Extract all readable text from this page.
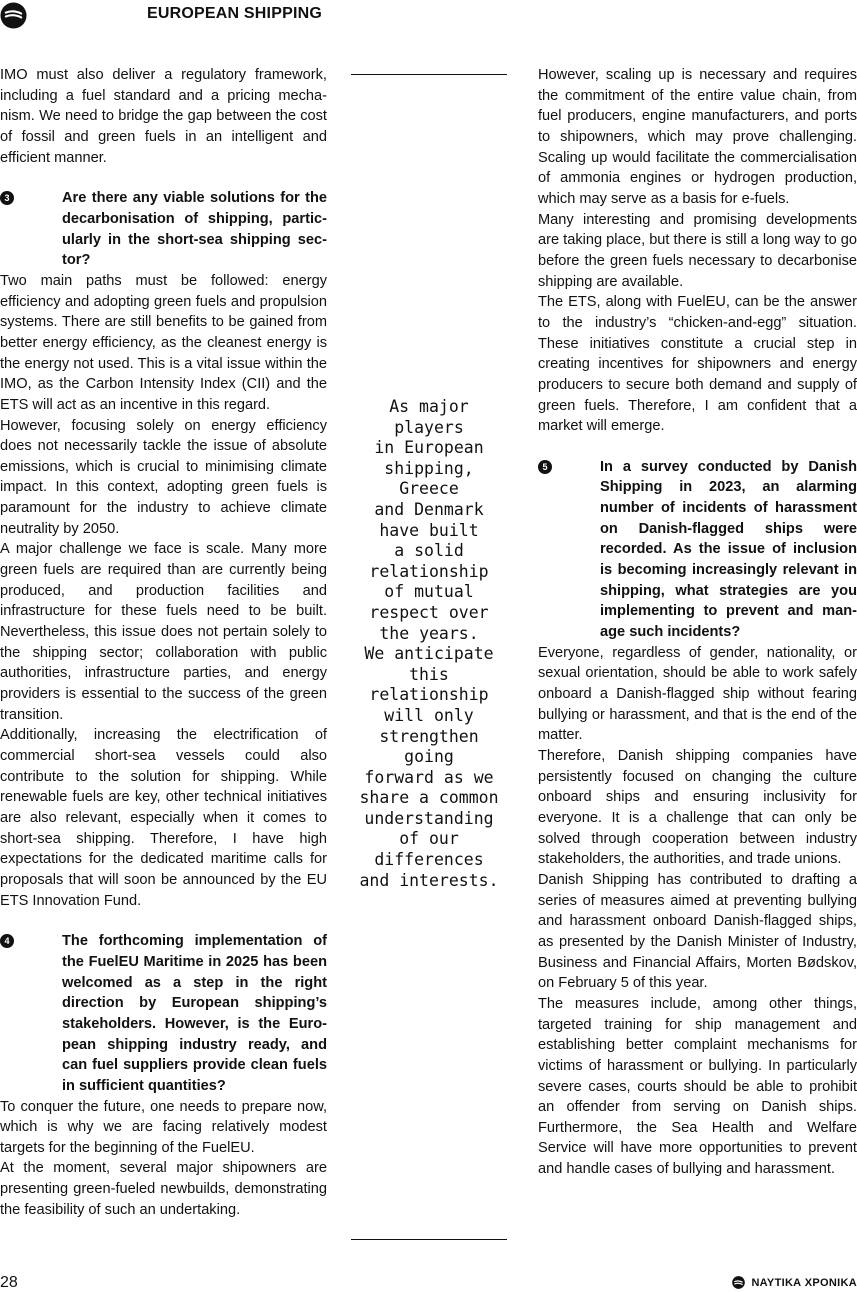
EUROPEAN SHIPPING

IMO must also deliver a regulatory framework, including a fuel standard and a pricing mechanism. We need to bridge the gap between the cost of fossil and green fuels in an intelligent and efficient manner.

3	Are there any viable solutions for the decarbonisation of shipping, particularly in the short-sea shipping sector?

Two main paths must be followed: energy efficiency and adopting green fuels and propulsion systems. There are still benefits to be gained from better energy efficiency, as the cleanest energy is the energy not used. This is a vital issue within the IMO, as the Carbon Intensity Index (CII) and the ETS will act as an incentive in this regard.

However, focusing solely on energy efficiency does not necessarily tackle the issue of absolute emissions, which is crucial to minimising climate impact. In this context, adopting green fuels is paramount for the industry to achieve climate neutrality by 2050.

A major challenge we face is scale. Many more green fuels are required than are currently being produced, and production facilities and infrastructure for these fuels need to be built. Nevertheless, this issue does not pertain solely to the shipping sector; collaboration with public authorities, infrastructure parties, and energy providers is essential to the success of the green transition.

Additionally, increasing the electrification of commercial short-sea vessels could also contribute to the solution for shipping. While renewable fuels are key, other technical initiatives are also relevant, especially when it comes to short-sea shipping. Therefore, I have high expectations for the dedicated maritime calls for proposals that will soon be announced by the EU ETS Innovation Fund.

4	The forthcoming implementation of the FuelEU Maritime in 2025 has been welcomed as a step in the right direction by European shipping’s stakeholders. However, is the European shipping industry ready, and can fuel suppliers provide clean fuels in sufficient quantities?

To conquer the future, one needs to prepare now, which is why we are facing relatively modest targets for the beginning of the FuelEU.

At the moment, several major shipowners are presenting green-fueled newbuilds, demonstrating the feasibility of such an undertaking.

As major
players
in European
shipping,
Greece
and Denmark
have built
a solid
relationship
of mutual
respect over
the years.
We anticipate
this
relationship
will only
strengthen
going
forward as we
share a common
understanding
of our
differences
and interests.

However, scaling up is necessary and requires the commitment of the entire value chain, from fuel producers, engine manufacturers, and ports to shipowners, which may prove challenging. Scaling up would facilitate the commercialisation of ammonia engines or hydrogen production, which may serve as a basis for e-fuels.

Many interesting and promising developments are taking place, but there is still a long way to go before the green fuels necessary to decarbonise shipping are available.

The ETS, along with FuelEU, can be the answer to the industry’s “chicken-and-egg” situation. These initiatives constitute a crucial step in creating incentives for shipowners and energy producers to secure both demand and supply of green fuels. Therefore, I am confident that a market will emerge.

5	In a survey conducted by Danish Shipping in 2023, an alarming number of incidents of harassment on Danish-flagged ships were recorded. As the issue of inclusion is becoming increasingly relevant in shipping, what strategies are you implementing to prevent and manage such incidents?

Everyone, regardless of gender, nationality, or sexual orientation, should be able to work safely onboard a Danish-flagged ship without fearing bullying or harassment, and that is the end of the matter.

Therefore, Danish shipping companies have persistently focused on changing the culture onboard ships and ensuring inclusivity for everyone. It is a challenge that can only be solved through cooperation between industry stakeholders, the authorities, and trade unions.

Danish Shipping has contributed to drafting a series of measures aimed at preventing bullying and harassment onboard Danish-flagged ships, as presented by the Danish Minister of Industry, Business and Financial Affairs, Morten Bødskov, on February 5 of this year.

The measures include, among other things, targeted training for ship management and establishing better complaint mechanisms for victims of harassment or bullying. In particularly severe cases, courts should be able to prohibit an offender from serving on Danish ships. Furthermore, the Sea Health and Welfare Service will have more opportunities to prevent and handle cases of bullying and harassment.

28	ΝΑΥΤΙΚΑ ΧΡΟΝΙΚΑ
